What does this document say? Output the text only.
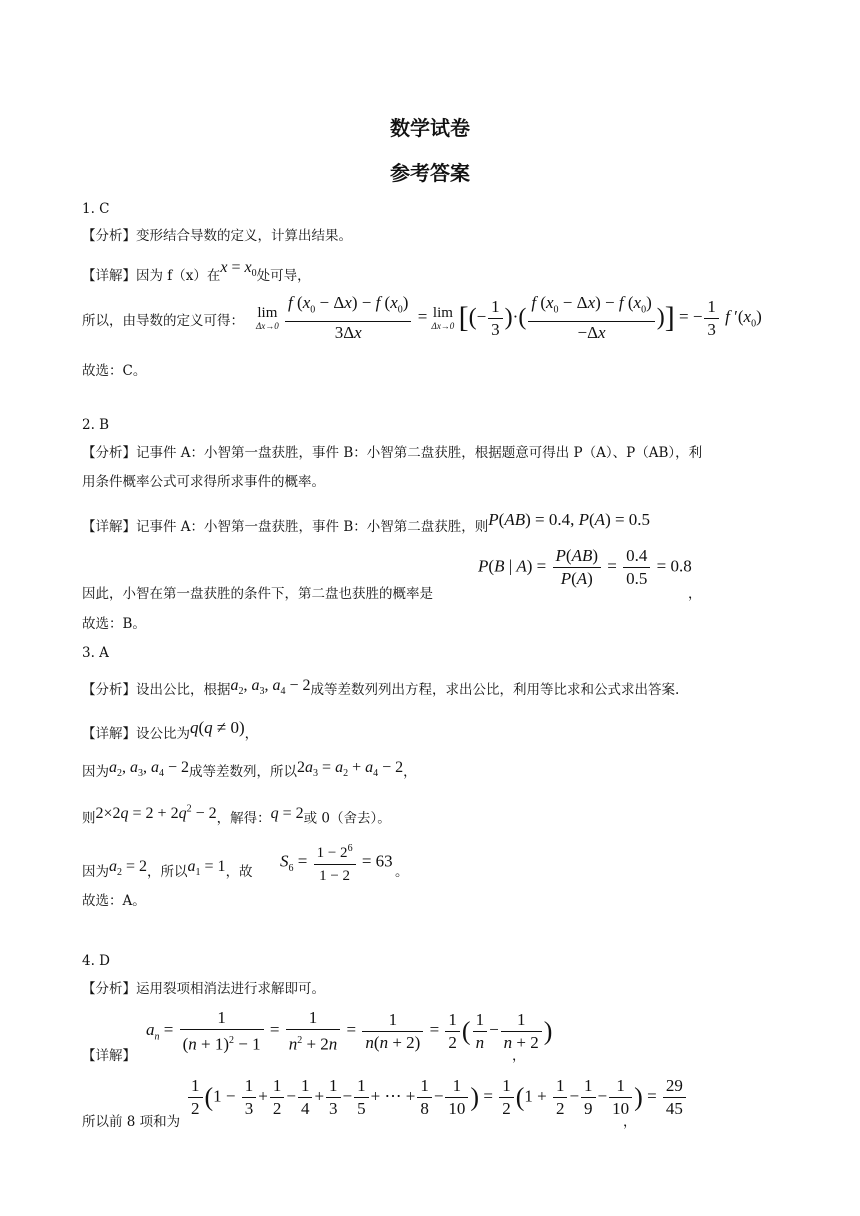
数学试卷
参考答案
1. C
【分析】变形结合导数的定义，计算出结果。
【详解】因为 f（x）在$x = x_0$处可导，
所以，由导数的定义可得： lim
Δx→0
$\frac{f (x_0 - \Delta x) - f (x_0)}{3\Delta x} = \lim$
Δx→0 [(− $\frac{1}{3}$ )·( $\frac{f (x_0 - \Delta x) - f (x_0)}{-\Delta x}$ )] = − $\frac{1}{3}$ f $'(x_0)$
故选：C。
2. B
【分析】记事件 A：小智第一盘获胜，事件 B：小智第二盘获胜，根据题意可得出 P（A）、P（AB），利
用条件概率公式可求得所求事件的概率。
【详解】记事件 A：小智第一盘获胜，事件 B：小智第二盘获胜，则P(AB) = 0.4, P(A) = 0.5
P(B | $A) = \frac{P(AB)}{P(A)} = \frac{0.4}{0.5} = 0.8$
因此，小智在第一盘获胜的条件下，第二盘也获胜的概率是	，
故选：B。
3. A
【分析】设出公比，根据$a_2$, $a_3$, $a_4 - 2$成等差数列列出方程，求出公比，利用等比求和公式求出答案.
【详解】设公比为q(q ≠ 0)，
因为$a_2$, $a_3$, $a_4 - 2$成等差数列，所以$2a_3 = a_2 + a_4 - 2$，
则$2\times 2q = 2 + 2q^2 - 2$，解得：q = 2或 0（舍去）。
因为$a_2 = 2$，所以$a_1 = 1$，故
$S_6 = \frac{1 - 2^6}{1 - 2} = 63$
。
故选：A。
4. D
【分析】运用裂项相消法进行求解即可。
$a_n = \frac{1}{(n + 1)^2 - 1} = \frac{1}{n^2 + 2n} = \frac{1}{n(n + 2)} = \frac{1}{2}$ ( $\frac{1}{n} - \frac{1}{n + 2}$ )
【详解】	，
$\frac{1}{2} (1 - \frac{1}{3} + \frac{1}{2} - \frac{1}{4} + \frac{1}{3} - \frac{1}{5}$ + ⋯ + $\frac{1}{8} - \frac{1}{10}$ ) = $\frac{1}{2} (1 + \frac{1}{2} - \frac{1}{9} - \frac{1}{10}$ ) = $\frac{29}{45}$
所以前 8 项和为	，
